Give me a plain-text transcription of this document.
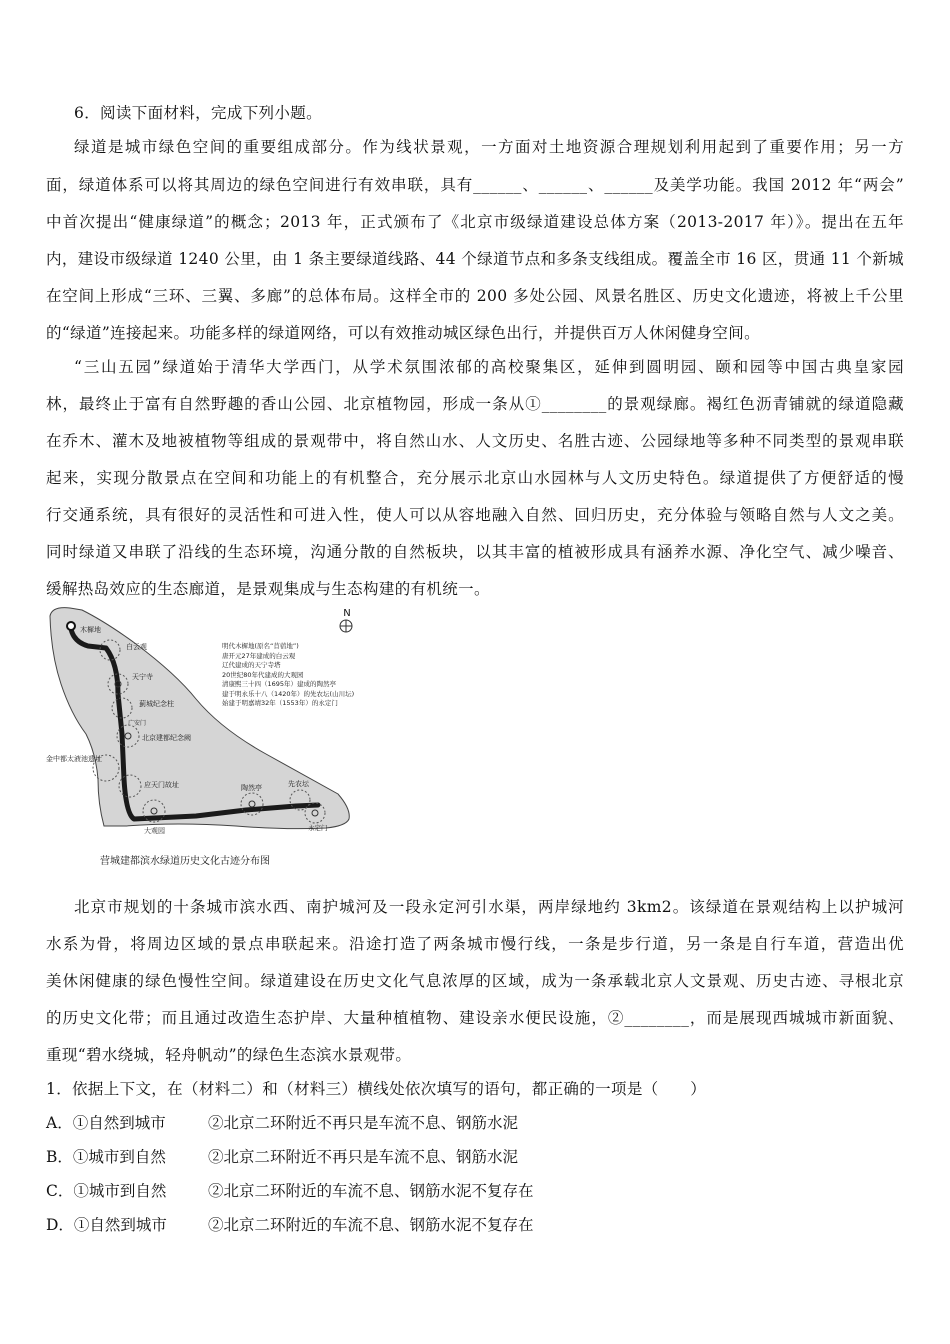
6．阅读下面材料，完成下列小题。
绿道是城市绿色空间的重要组成部分。作为线状景观，一方面对土地资源合理规划利用起到了重要作用；另一方
面，绿道体系可以将其周边的绿色空间进行有效串联，具有______、______、______及美学功能。我国 2012 年“两会”
中首次提出“健康绿道”的概念；2013 年，正式颁布了《北京市级绿道建设总体方案（2013-2017 年）》。提出在五年
内，建设市级绿道 1240 公里，由 1 条主要绿道线路、44 个绿道节点和多条支线组成。覆盖全市 16 区，贯通 11 个新城
在空间上形成“三环、三翼、多廊”的总体布局。这样全市的 200 多处公园、风景名胜区、历史文化遗迹，将被上千公里
的“绿道”连接起来。功能多样的绿道网络，可以有效推动城区绿色出行，并提供百万人休闲健身空间。
“三山五园”绿道始于清华大学西门，从学术氛围浓郁的高校聚集区，延伸到圆明园、颐和园等中国古典皇家园
林，最终止于富有自然野趣的香山公园、北京植物园，形成一条从①________的景观绿廊。褐红色沥青铺就的绿道隐藏
在乔木、灌木及地被植物等组成的景观带中，将自然山水、人文历史、名胜古迹、公园绿地等多种不同类型的景观串联
起来，实现分散景点在空间和功能上的有机整合，充分展示北京山水园林与人文历史特色。绿道提供了方便舒适的慢
行交通系统，具有很好的灵活性和可进入性，使人可以从容地融入自然、回归历史，充分体验与领略自然与人文之美。
同时绿道又串联了沿线的生态环境，沟通分散的自然板块，以其丰富的植被形成具有涵养水源、净化空气、减少噪音、
缓解热岛效应的生态廊道，是景观集成与生态构建的有机统一。
N
明代木樨地(原名“苜蓿地”)
唐开元27年建成的白云观
辽代建成的天宁寺塔
20世纪80年代建成的大观园
清康熙三十四（1695年）建成的陶然亭
建于明永乐十八（1420年）的先农坛(山川坛)
始建于明嘉靖32年（1553年）的永定门
木樨地
白云观
天宁寺
蓟城纪念柱
广安门
北京建都纪念阙
金中都太液池遗址
应天门故址	陶然亭	先农坛
永定门
大观园
营城建都滨水绿道历史文化古迹分布图
北京市规划的十条城市滨水西、南护城河及一段永定河引水渠，两岸绿地约 3km2。该绿道在景观结构上以护城河
水系为骨，将周边区域的景点串联起来。沿途打造了两条城市慢行线，一条是步行道，另一条是自行车道，营造出优
美休闲健康的绿色慢性空间。绿道建设在历史文化气息浓厚的区域，成为一条承载北京人文景观、历史古迹、寻根北京
的历史文化带；而且通过改造生态护岸、大量种植植物、建设亲水便民设施，②________，而是展现西城城市新面貌、
重现“碧水绕城，轻舟帆动”的绿色生态滨水景观带。
1．依据上下文，在（材料二）和（材料三）横线处依次填写的语句，都正确的一项是（　　）
A．①自然到城市	②北京二环附近不再只是车流不息、钢筋水泥
B．①城市到自然	②北京二环附近不再只是车流不息、钢筋水泥
C．①城市到自然	②北京二环附近的车流不息、钢筋水泥不复存在
D．①自然到城市	②北京二环附近的车流不息、钢筋水泥不复存在
